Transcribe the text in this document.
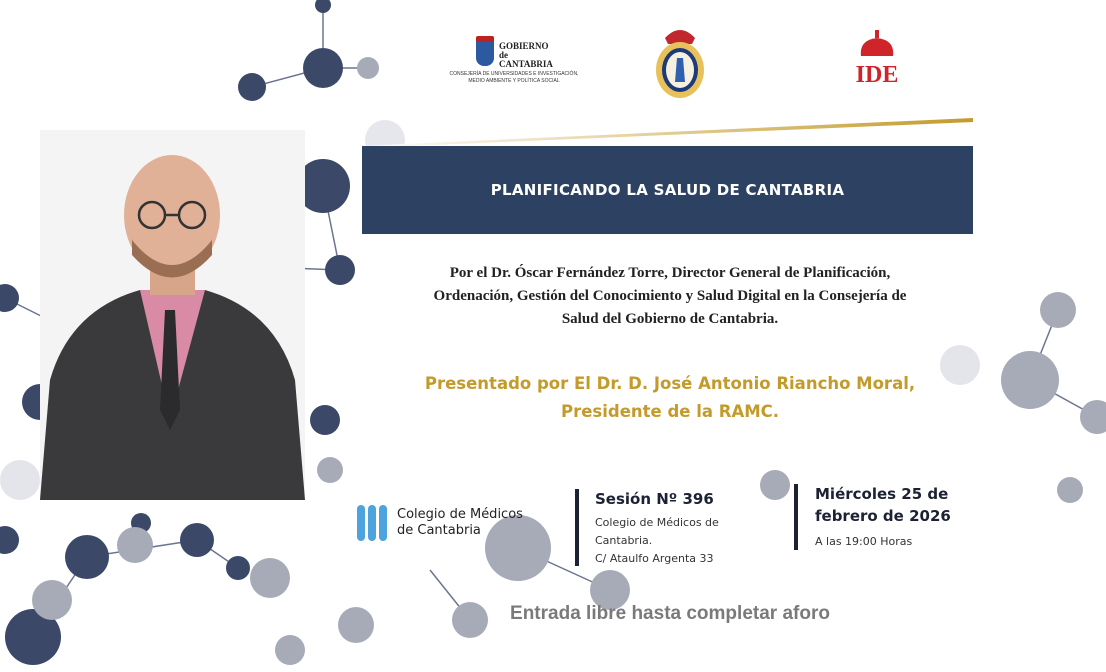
GOBIERNO
de
CANTABRIA
CONSEJERÍA DE UNIVERSIDADES E INVESTIGACIÓN,
MEDIO AMBIENTE Y POLÍTICA SOCIAL	IDE
PLANIFICANDO LA SALUD DE CANTABRIA
Por el Dr. Óscar Fernández Torre, Director General de Planificación,
Ordenación, Gestión del Conocimiento y Salud Digital en la Consejería de
Salud del Gobierno de Cantabria.
Presentado por El Dr. D. José Antonio Riancho Moral,
Presidente de la RAMC.
Colegio de Médicos
de Cantabria
Sesión Nº 396
Colegio de Médicos de
Cantabria.
C/ Ataulfo Argenta 33
Miércoles 25 de
febrero de 2026
A las 19:00 Horas
Entrada libre hasta completar aforo
